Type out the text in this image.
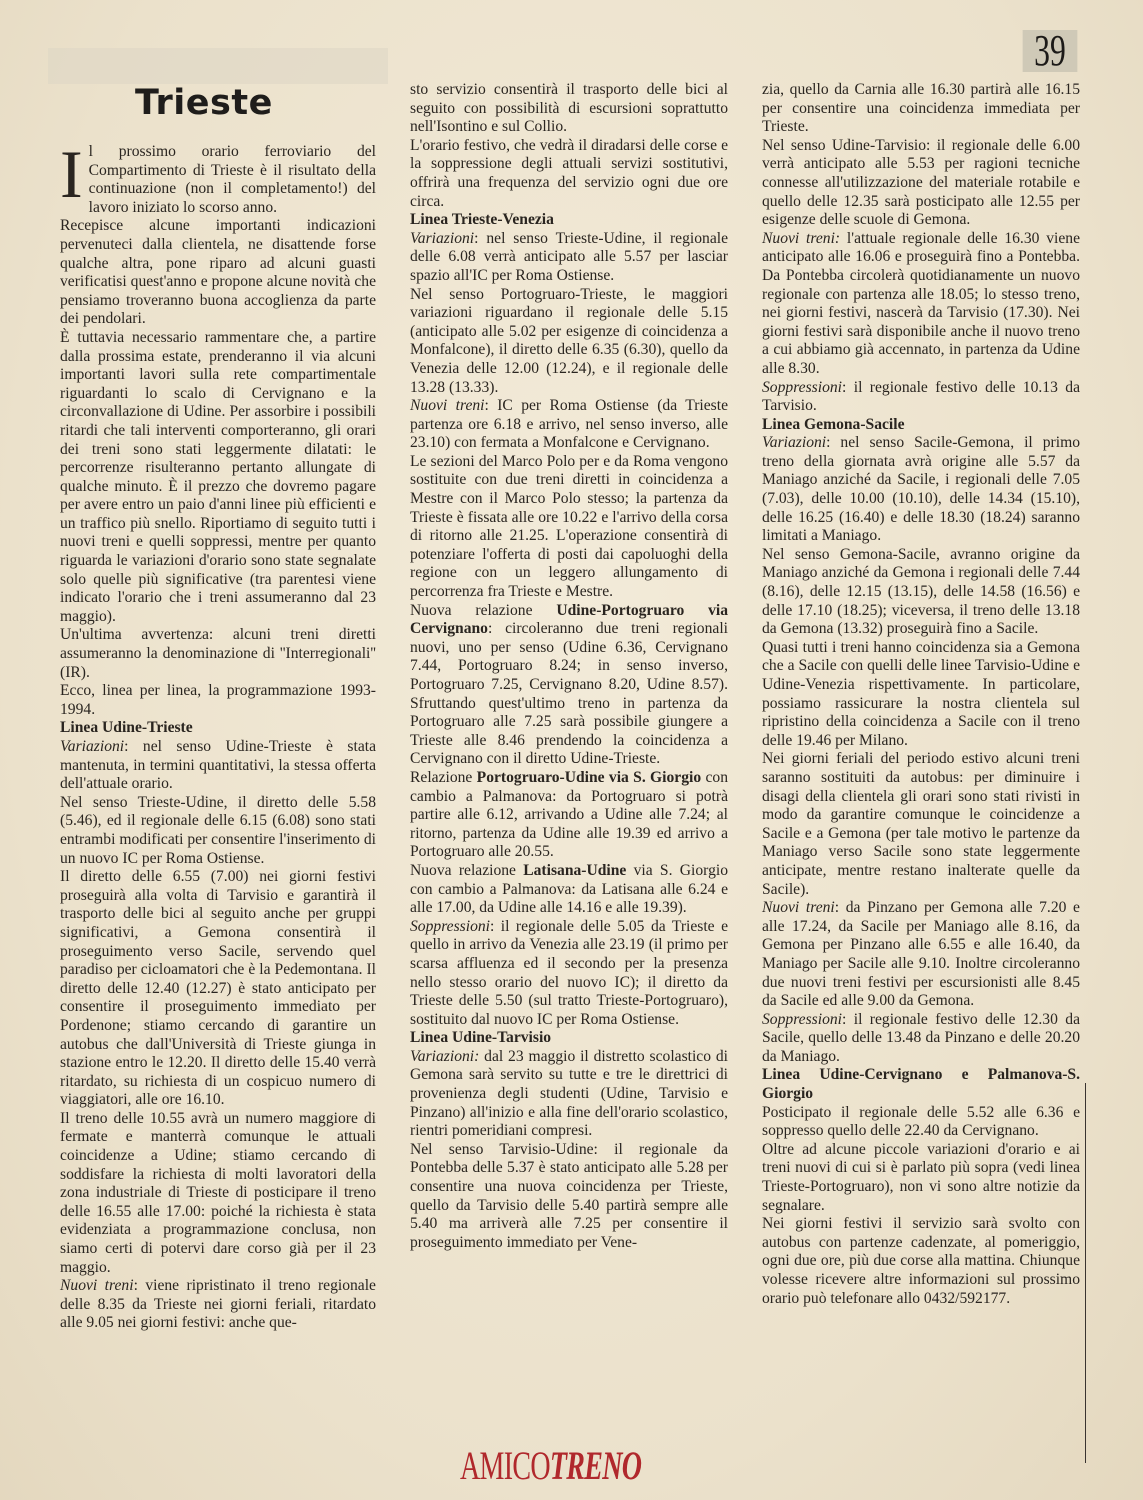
39
Trieste

Il prossimo orario ferroviario del Compartimento di Trieste è il risultato della continuazione (non il completamento!) del lavoro iniziato lo scorso anno.

Recepisce alcune importanti indicazioni pervenuteci dalla clientela, ne disattende forse qualche altra, pone riparo ad alcuni guasti verificatisi quest'anno e propone alcune novità che pensiamo troveranno buona accoglienza da parte dei pendolari.

È tuttavia necessario rammentare che, a partire dalla prossima estate, prenderanno il via alcuni importanti lavori sulla rete compartimentale riguardanti lo scalo di Cervignano e la circonvallazione di Udine. Per assorbire i possibili ritardi che tali interventi comporteranno, gli orari dei treni sono stati leggermente dilatati: le percorrenze risulteranno pertanto allungate di qualche minuto. È il prezzo che dovremo pagare per avere entro un paio d'anni linee più efficienti e un traffico più snello. Riportiamo di seguito tutti i nuovi treni e quelli soppressi, mentre per quanto riguarda le variazioni d'orario sono state segnalate solo quelle più significative (tra parentesi viene indicato l'orario che i treni assumeranno dal 23 maggio).

Un'ultima avvertenza: alcuni treni diretti assumeranno la denominazione di ''Interregionali'' (IR).

Ecco, linea per linea, la programmazione 1993-1994.

Linea Udine-Trieste

Variazioni: nel senso Udine-Trieste è stata mantenuta, in termini quantitativi, la stessa offerta dell'attuale orario.

Nel senso Trieste-Udine, il diretto delle 5.58 (5.46), ed il regionale delle 6.15 (6.08) sono stati entrambi modificati per consentire l'inserimento di un nuovo IC per Roma Ostiense.

Il diretto delle 6.55 (7.00) nei giorni festivi proseguirà alla volta di Tarvisio e garantirà il trasporto delle bici al seguito anche per gruppi significativi, a Gemona consentirà il proseguimento verso Sacile, servendo quel paradiso per cicloamatori che è la Pedemontana. Il diretto delle 12.40 (12.27) è stato anticipato per consentire il proseguimento immediato per Pordenone; stiamo cercando di garantire un autobus che dall'Università di Trieste giunga in stazione entro le 12.20. Il diretto delle 15.40 verrà ritardato, su richiesta di un cospicuo numero di viaggiatori, alle ore 16.10.

Il treno delle 10.55 avrà un numero maggiore di fermate e manterrà comunque le attuali coincidenze a Udine; stiamo cercando di soddisfare la richiesta di molti lavoratori della zona industriale di Trieste di posticipare il treno delle 16.55 alle 17.00: poiché la richiesta è stata evidenziata a programmazione conclusa, non siamo certi di potervi dare corso già per il 23 maggio.

Nuovi treni: viene ripristinato il treno regionale delle 8.35 da Trieste nei giorni feriali, ritardato alle 9.05 nei giorni festivi: anche que-

sto servizio consentirà il trasporto delle bici al seguito con possibilità di escursioni soprattutto nell'Isontino e sul Collio.

L'orario festivo, che vedrà il diradarsi delle corse e la soppressione degli attuali servizi sostitutivi, offrirà una frequenza del servizio ogni due ore circa.

Linea Trieste-Venezia

Variazioni: nel senso Trieste-Udine, il regionale delle 6.08 verrà anticipato alle 5.57 per lasciar spazio all'IC per Roma Ostiense.

Nel senso Portogruaro-Trieste, le maggiori variazioni riguardano il regionale delle 5.15 (anticipato alle 5.02 per esigenze di coincidenza a Monfalcone), il diretto delle 6.35 (6.30), quello da Venezia delle 12.00 (12.24), e il regionale delle 13.28 (13.33).

Nuovi treni: IC per Roma Ostiense (da Trieste partenza ore 6.18 e arrivo, nel senso inverso, alle 23.10) con fermata a Monfalcone e Cervignano.

Le sezioni del Marco Polo per e da Roma vengono sostituite con due treni diretti in coincidenza a Mestre con il Marco Polo stesso; la partenza da Trieste è fissata alle ore 10.22 e l'arrivo della corsa di ritorno alle 21.25. L'operazione consentirà di potenziare l'offerta di posti dai capoluoghi della regione con un leggero allungamento di percorrenza fra Trieste e Mestre.

Nuova relazione Udine-Portogruaro via Cervignano: circoleranno due treni regionali nuovi, uno per senso (Udine 6.36, Cervignano 7.44, Portogruaro 8.24; in senso inverso, Portogruaro 7.25, Cervignano 8.20, Udine 8.57). Sfruttando quest'ultimo treno in partenza da Portogruaro alle 7.25 sarà possibile giungere a Trieste alle 8.46 prendendo la coincidenza a Cervignano con il diretto Udine-Trieste.

Relazione Portogruaro-Udine via S. Giorgio con cambio a Palmanova: da Portogruaro si potrà partire alle 6.12, arrivando a Udine alle 7.24; al ritorno, partenza da Udine alle 19.39 ed arrivo a Portogruaro alle 20.55.

Nuova relazione Latisana-Udine via S. Giorgio con cambio a Palmanova: da Latisana alle 6.24 e alle 17.00, da Udine alle 14.16 e alle 19.39).

Soppressioni: il regionale delle 5.05 da Trieste e quello in arrivo da Venezia alle 23.19 (il primo per scarsa affluenza ed il secondo per la presenza nello stesso orario del nuovo IC); il diretto da Trieste delle 5.50 (sul tratto Trieste-Portogruaro), sostituito dal nuovo IC per Roma Ostiense.

Linea Udine-Tarvisio

Variazioni: dal 23 maggio il distretto scolastico di Gemona sarà servito su tutte e tre le direttrici di provenienza degli studenti (Udine, Tarvisio e Pinzano) all'inizio e alla fine dell'orario scolastico, rientri pomeridiani compresi.

Nel senso Tarvisio-Udine: il regionale da Pontebba delle 5.37 è stato anticipato alle 5.28 per consentire una nuova coincidenza per Trieste, quello da Tarvisio delle 5.40 partirà sempre alle 5.40 ma arriverà alle 7.25 per consentire il proseguimento immediato per Vene-

zia, quello da Carnia alle 16.30 partirà alle 16.15 per consentire una coincidenza immediata per Trieste.

Nel senso Udine-Tarvisio: il regionale delle 6.00 verrà anticipato alle 5.53 per ragioni tecniche connesse all'utilizzazione del materiale rotabile e quello delle 12.35 sarà posticipato alle 12.55 per esigenze delle scuole di Gemona.

Nuovi treni: l'attuale regionale delle 16.30 viene anticipato alle 16.06 e proseguirà fino a Pontebba. Da Pontebba circolerà quotidianamente un nuovo regionale con partenza alle 18.05; lo stesso treno, nei giorni festivi, nascerà da Tarvisio (17.30). Nei giorni festivi sarà disponibile anche il nuovo treno a cui abbiamo già accennato, in partenza da Udine alle 8.30.

Soppressioni: il regionale festivo delle 10.13 da Tarvisio.

Linea Gemona-Sacile

Variazioni: nel senso Sacile-Gemona, il primo treno della giornata avrà origine alle 5.57 da Maniago anziché da Sacile, i regionali delle 7.05 (7.03), delle 10.00 (10.10), delle 14.34 (15.10), delle 16.25 (16.40) e delle 18.30 (18.24) saranno limitati a Maniago.

Nel senso Gemona-Sacile, avranno origine da Maniago anziché da Gemona i regionali delle 7.44 (8.16), delle 12.15 (13.15), delle 14.58 (16.56) e delle 17.10 (18.25); viceversa, il treno delle 13.18 da Gemona (13.32) proseguirà fino a Sacile.

Quasi tutti i treni hanno coincidenza sia a Gemona che a Sacile con quelli delle linee Tarvisio-Udine e Udine-Venezia rispettivamente. In particolare, possiamo rassicurare la nostra clientela sul ripristino della coincidenza a Sacile con il treno delle 19.46 per Milano.

Nei giorni feriali del periodo estivo alcuni treni saranno sostituiti da autobus: per diminuire i disagi della clientela gli orari sono stati rivisti in modo da garantire comunque le coincidenze a Sacile e a Gemona (per tale motivo le partenze da Maniago verso Sacile sono state leggermente anticipate, mentre restano inalterate quelle da Sacile).

Nuovi treni: da Pinzano per Gemona alle 7.20 e alle 17.24, da Sacile per Maniago alle 8.16, da Gemona per Pinzano alle 6.55 e alle 16.40, da Maniago per Sacile alle 9.10. Inoltre circoleranno due nuovi treni festivi per escursionisti alle 8.45 da Sacile ed alle 9.00 da Gemona.

Soppressioni: il regionale festivo delle 12.30 da Sacile, quello delle 13.48 da Pinzano e delle 20.20 da Maniago.

Linea Udine-Cervignano e Palmanova-S. Giorgio

Posticipato il regionale delle 5.52 alle 6.36 e soppresso quello delle 22.40 da Cervignano.

Oltre ad alcune piccole variazioni d'orario e ai treni nuovi di cui si è parlato più sopra (vedi linea Trieste-Portogruaro), non vi sono altre notizie da segnalare.

Nei giorni festivi il servizio sarà svolto con autobus con partenze cadenzate, al pomeriggio, ogni due ore, più due corse alla mattina. Chiunque volesse ricevere altre informazioni sul prossimo orario può telefonare allo 0432/592177.

AMICOTRENO
